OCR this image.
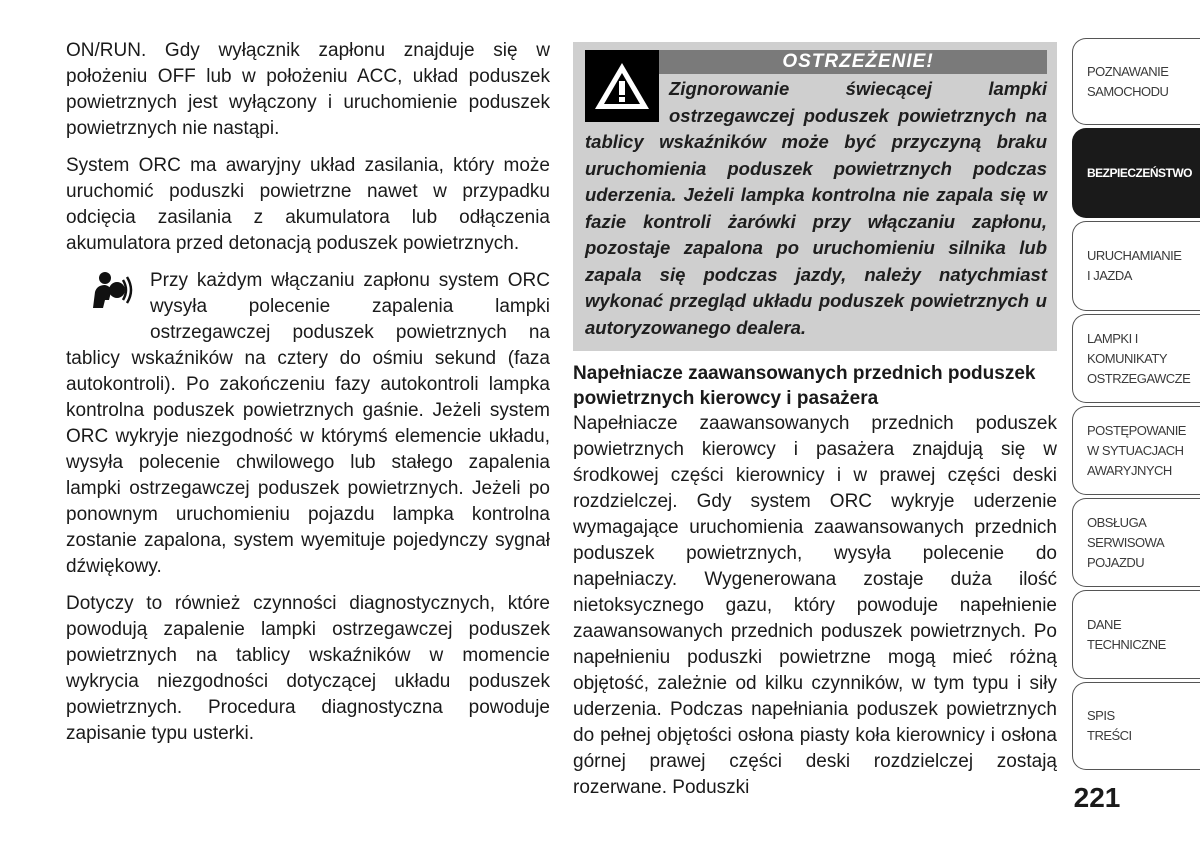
ON/RUN. Gdy wyłącznik zapłonu znajduje się w położeniu OFF lub w położeniu ACC, układ poduszek powietrznych jest wyłączony i uruchomienie poduszek powietrznych nie nastąpi.

System ORC ma awaryjny układ zasilania, który może uruchomić poduszki powietrzne nawet w przypadku odcięcia zasilania z akumulatora lub odłączenia akumulatora przed detonacją poduszek powietrznych.

Przy każdym włączaniu zapłonu system ORC wysyła polecenie zapalenia lampki ostrzegawczej poduszek powietrznych na tablicy wskaźników na cztery do ośmiu sekund (faza autokontroli). Po zakończeniu fazy autokontroli lampka kontrolna poduszek powietrznych gaśnie. Jeżeli system ORC wykryje niezgodność w którymś elemencie układu, wysyła polecenie chwilowego lub stałego zapalenia lampki ostrzegawczej poduszek powietrznych. Jeżeli po ponownym uruchomieniu pojazdu lampka kontrolna zostanie zapalona, system wyemituje pojedynczy sygnał dźwiękowy.

Dotyczy to również czynności diagnostycznych, które powodują zapalenie lampki ostrzegawczej poduszek powietrznych na tablicy wskaźników w momencie wykrycia niezgodności dotyczącej układu poduszek powietrznych. Procedura diagnostyczna powoduje zapisanie typu usterki.

OSTRZEŻENIE!
Zignorowanie świecącej lampki ostrzegawczej poduszek powietrznych na tablicy wskaźników może być przyczyną braku uruchomienia poduszek powietrznych podczas uderzenia. Jeżeli lampka kontrolna nie zapala się w fazie kontroli żarówki przy włączaniu zapłonu, pozostaje zapalona po uruchomieniu silnika lub zapala się podczas jazdy, należy natychmiast wykonać przegląd układu poduszek powietrznych u autoryzowanego dealera.
Napełniacze zaawansowanych przednich poduszek powietrznych kierowcy i pasażera

Napełniacze zaawansowanych przednich poduszek powietrznych kierowcy i pasażera znajdują się w środkowej części kierownicy i w prawej części deski rozdzielczej. Gdy system ORC wykryje uderzenie wymagające uruchomienia zaawansowanych przednich poduszek powietrznych, wysyła polecenie do napełniaczy. Wygenerowana zostaje duża ilość nietoksycznego gazu, który powoduje napełnienie zaawansowanych przednich poduszek powietrznych. Po napełnieniu poduszki powietrzne mogą mieć różną objętość, zależnie od kilku czynników, w tym typu i siły uderzenia. Podczas napełniania poduszek powietrznych do pełnej objętości osłona piasty koła kierownicy i osłona górnej prawej części deski rozdzielczej zostają rozerwane. Poduszki

POZNAWANIE
SAMOCHODU
BEZPIECZEŃSTWO
URUCHAMIANIE
I JAZDA
LAMPKI I
KOMUNIKATY
OSTRZEGAWCZE
POSTĘPOWANIE
W SYTUACJACH
AWARYJNYCH
OBSŁUGA
SERWISOWA
POJAZDU
DANE
TECHNICZNE
SPIS
TREŚCI
221
